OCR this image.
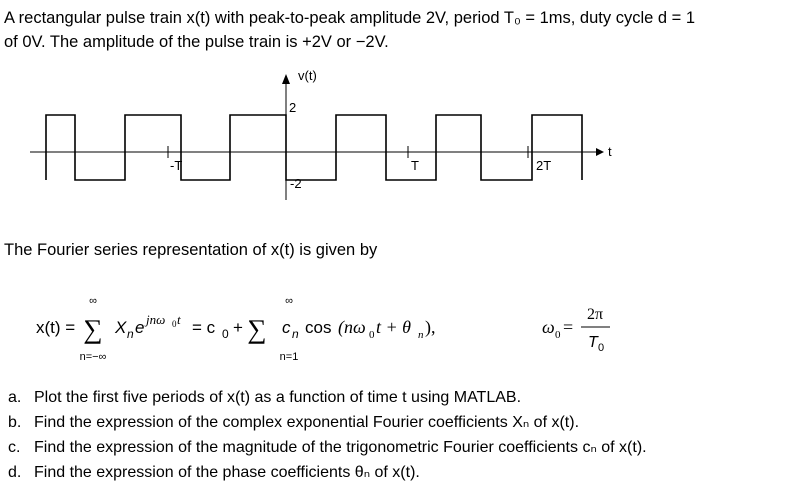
A rectangular pulse train x(t) with peak-to-peak amplitude 2V, period T₀ = 1ms, duty cycle d = 1
of 0V. The amplitude of the pulse train is +2V or −2V.
v(t)
t
2
-2
-T	T	2T
The Fourier series representation of x(t) is given by
x(t) =
∞
∑
n=−∞
X n e jnω 0 t = c 0 +
∞
∑
n=1
c n cos (nω 0 t + θ n ),	ω 0 =
2π
T 0
a. Plot the first five periods of x(t) as a function of time t using MATLAB.
b. Find the expression of the complex exponential Fourier coefficients Xₙ of x(t).
c. Find the expression of the magnitude of the trigonometric Fourier coefficients cₙ of x(t).
d. Find the expression of the phase coefficients θₙ of x(t).
